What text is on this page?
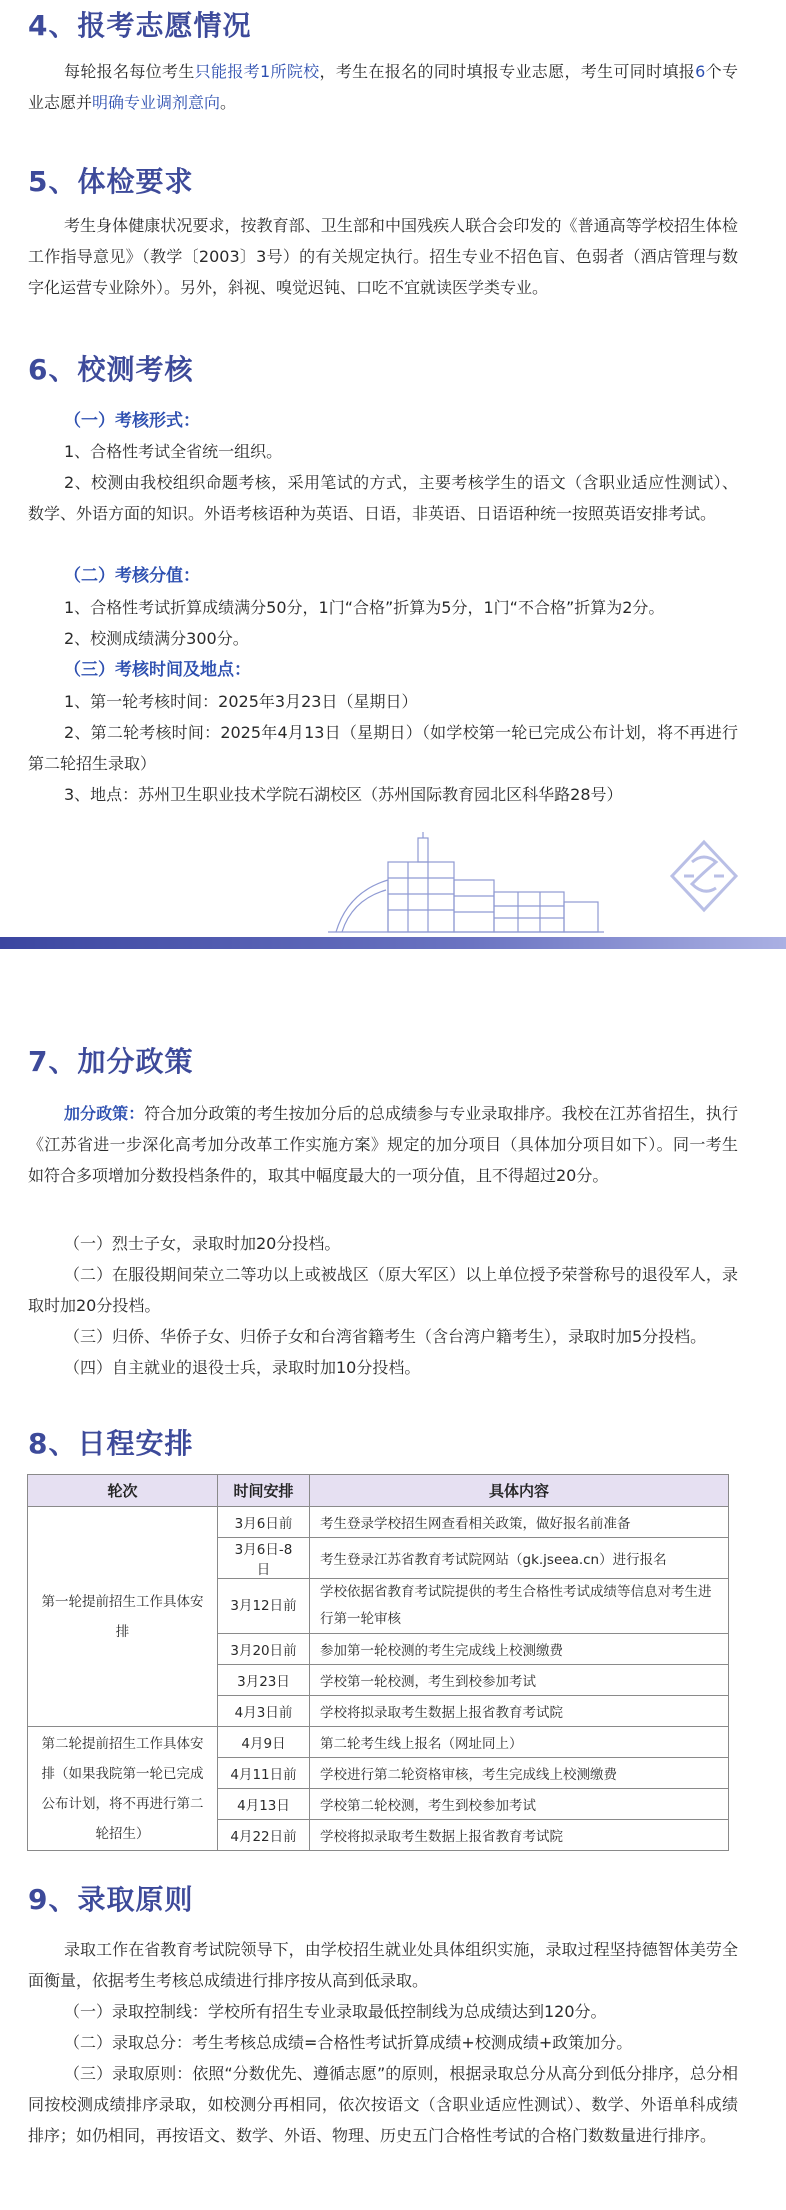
4、报考志愿情况

每轮报名每位考生只能报考1所院校，考生在报名的同时填报专业志愿，考生可同时填报6个专业志愿并明确专业调剂意向。

5、体检要求

考生身体健康状况要求，按教育部、卫生部和中国残疾人联合会印发的《普通高等学校招生体检工作指导意见》（教学〔2003〕3号）的有关规定执行。招生专业不招色盲、色弱者（酒店管理与数字化运营专业除外）。另外，斜视、嗅觉迟钝、口吃不宜就读医学类专业。

6、校测考核

（一）考核形式：

1、合格性考试全省统一组织。

2、校测由我校组织命题考核，采用笔试的方式，主要考核学生的语文（含职业适应性测试）、数学、外语方面的知识。外语考核语种为英语、日语，非英语、日语语种统一按照英语安排考试。

（二）考核分值：

1、合格性考试折算成绩满分50分，1门“合格”折算为5分，1门“不合格”折算为2分。

2、校测成绩满分300分。

（三）考核时间及地点：

1、第一轮考核时间：2025年3月23日（星期日）

2、第二轮考核时间：2025年4月13日（星期日）（如学校第一轮已完成公布计划，将不再进行第二轮招生录取）

3、地点：苏州卫生职业技术学院石湖校区（苏州国际教育园北区科华路28号）

7、加分政策

加分政策：符合加分政策的考生按加分后的总成绩参与专业录取排序。我校在江苏省招生，执行《江苏省进一步深化高考加分改革工作实施方案》规定的加分项目（具体加分项目如下）。同一考生如符合多项增加分数投档条件的，取其中幅度最大的一项分值，且不得超过20分。

（一）烈士子女，录取时加20分投档。

（二）在服役期间荣立二等功以上或被战区（原大军区）以上单位授予荣誉称号的退役军人，录取时加20分投档。

（三）归侨、华侨子女、归侨子女和台湾省籍考生（含台湾户籍考生），录取时加5分投档。

（四）自主就业的退役士兵，录取时加10分投档。

8、日程安排
轮次	时间安排	具体内容
第一轮提前招生工作具体安排	3月6日前	考生登录学校招生网查看相关政策，做好报名前准备
	3月6日-8日	考生登录江苏省教育考试院网站（gk.jseea.cn）进行报名
	3月12日前	学校依据省教育考试院提供的考生合格性考试成绩等信息对考生进行第一轮审核
	3月20日前	参加第一轮校测的考生完成线上校测缴费
	3月23日	学校第一轮校测，考生到校参加考试
	4月3日前	学校将拟录取考生数据上报省教育考试院
第二轮提前招生工作具体安排（如果我院第一轮已完成公布计划，将不再进行第二轮招生）	4月9日	第二轮考生线上报名（网址同上）
	4月11日前	学校进行第二轮资格审核，考生完成线上校测缴费
	4月13日	学校第二轮校测，考生到校参加考试
	4月22日前	学校将拟录取考生数据上报省教育考试院
9、录取原则

录取工作在省教育考试院领导下，由学校招生就业处具体组织实施，录取过程坚持德智体美劳全面衡量，依据考生考核总成绩进行排序按从高到低录取。

（一）录取控制线：学校所有招生专业录取最低控制线为总成绩达到120分。

（二）录取总分：考生考核总成绩=合格性考试折算成绩+校测成绩+政策加分。

（三）录取原则：依照“分数优先、遵循志愿”的原则，根据录取总分从高分到低分排序，总分相同按校测成绩排序录取，如校测分再相同，依次按语文（含职业适应性测试）、数学、外语单科成绩排序；如仍相同，再按语文、数学、外语、物理、历史五门合格性考试的合格门数数量进行排序。
